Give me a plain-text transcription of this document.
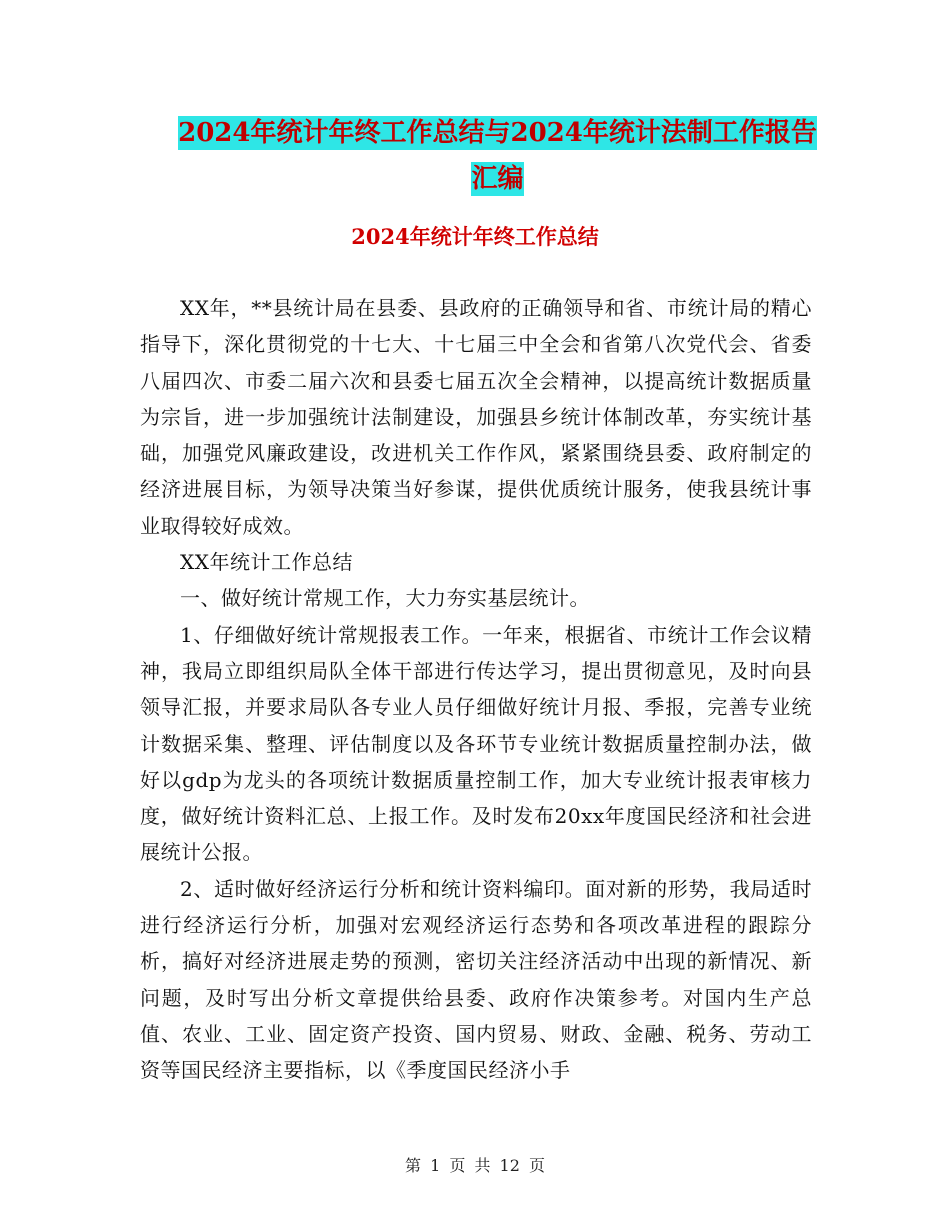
2024年统计年终工作总结与2024年统计法制工作报告
汇编
2024年统计年终工作总结

XX年，**县统计局在县委、县政府的正确领导和省、市统计局的精心指导下，深化贯彻党的十七大、十七届三中全会和省第八次党代会、省委八届四次、市委二届六次和县委七届五次全会精神，以提高统计数据质量为宗旨，进一步加强统计法制建设，加强县乡统计体制改革，夯实统计基础，加强党风廉政建设，改进机关工作作风，紧紧围绕县委、政府制定的经济进展目标，为领导决策当好参谋，提供优质统计服务，使我县统计事业取得较好成效。

XX年统计工作总结

一、做好统计常规工作，大力夯实基层统计。

1、仔细做好统计常规报表工作。一年来，根据省、市统计工作会议精神，我局立即组织局队全体干部进行传达学习，提出贯彻意见，及时向县领导汇报，并要求局队各专业人员仔细做好统计月报、季报，完善专业统计数据采集、整理、评估制度以及各环节专业统计数据质量控制办法，做好以gdp为龙头的各项统计数据质量控制工作，加大专业统计报表审核力度，做好统计资料汇总、上报工作。及时发布20xx年度国民经济和社会进展统计公报。

2、适时做好经济运行分析和统计资料编印。面对新的形势，我局适时进行经济运行分析，加强对宏观经济运行态势和各项改革进程的跟踪分析，搞好对经济进展走势的预测，密切关注经济活动中出现的新情况、新问题，及时写出分析文章提供给县委、政府作决策参考。对国内生产总值、农业、工业、固定资产投资、国内贸易、财政、金融、税务、劳动工资等国民经济主要指标，以《季度国民经济小手

第 1 页 共 12 页
